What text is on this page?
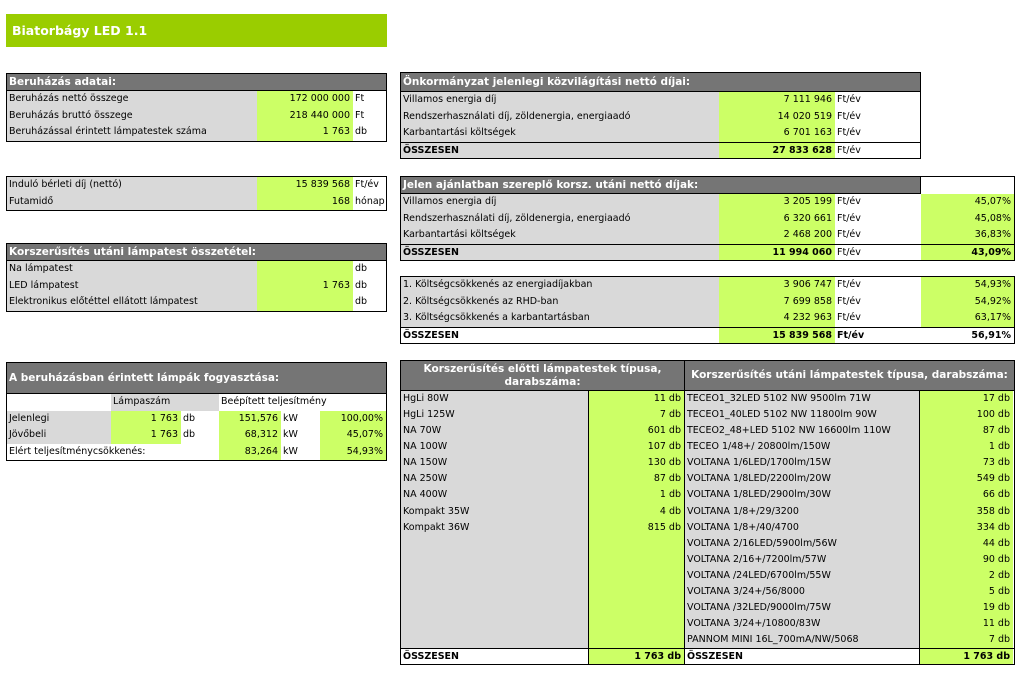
Biatorbágy LED 1.1
Beruházás adatai:
Beruházás nettó összege	172 000 000 Ft
Beruházás bruttó összege	218 440 000 Ft
Beruházással érintett lámpatestek száma	1 763 db
Induló bérleti díj (nettó)	15 839 568 Ft/év
Futamidő	168 hónap
Korszerűsítés utáni lámpatest összetétel:
Na lámpatest	db
LED lámpatest	1 763 db
Elektronikus előtéttel ellátott lámpatest	db
A beruházásban érintett lámpák fogyasztása:
Lámpaszám	Beépített teljesítmény
Jelenlegi	1 763 db	151,576 kW	100,00%
Jövőbeli	1 763 db	68,312 kW	45,07%
Elért teljesítménycsökkenés:	83,264 kW	54,93%
Önkormányzat jelenlegi közvilágítási nettó díjai:
Villamos energia díj	7 111 946 Ft/év
Rendszerhasználati díj, zöldenergia, energiaadó	14 020 519 Ft/év
Karbantartási költségek	6 701 163 Ft/év
ÖSSZESEN	27 833 628 Ft/év
Jelen ajánlatban szereplő korsz. utáni nettó díjak:
Villamos energia díj	3 205 199 Ft/év	45,07%
Rendszerhasználati díj, zöldenergia, energiaadó	6 320 661 Ft/év	45,08%
Karbantartási költségek	2 468 200 Ft/év	36,83%
ÖSSZESEN	11 994 060 Ft/év	43,09%
1. Költségcsökkenés az energiadíjakban	3 906 747 Ft/év	54,93%
2. Költségcsökkenés az RHD-ban	7 699 858 Ft/év	54,92%
3. Költségcsökkenés a karbantartásban	4 232 963 Ft/év	63,17%
ÖSSZESEN	15 839 568 Ft/év	56,91%
Korszerűsítés előtti lámpatestek típusa, darabszáma:
HgLi 80W	11 db
HgLi 125W	7 db
NA 70W	601 db
NA 100W	107 db
NA 150W	130 db
NA 250W	87 db
NA 400W	1 db
Kompakt 35W	4 db
Kompakt 36W	815 db
ÖSSZESEN	1 763 db
Korszerűsítés utáni lámpatestek típusa, darabszáma:
TECEO1_32LED 5102 NW 9500lm 71W	17 db
TECEO1_40LED 5102 NW 11800lm 90W	100 db
TECEO2_48+LED 5102 NW 16600lm 110W	87 db
TECEO 1/48+/ 20800lm/150W	1 db
VOLTANA 1/6LED/1700lm/15W	73 db
VOLTANA 1/8LED/2200lm/20W	549 db
VOLTANA 1/8LED/2900lm/30W	66 db
VOLTANA 1/8+/29/3200	358 db
VOLTANA 1/8+/40/4700	334 db
VOLTANA 2/16LED/5900lm/56W	44 db
VOLTANA 2/16+/7200lm/57W	90 db
VOLTANA /24LED/6700lm/55W	2 db
VOLTANA 3/24+/56/8000	5 db
VOLTANA /32LED/9000lm/75W	19 db
VOLTANA 3/24+/10800/83W	11 db
PANNOM MINI 16L_700mA/NW/5068	7 db
ÖSSZESEN	1 763 db
